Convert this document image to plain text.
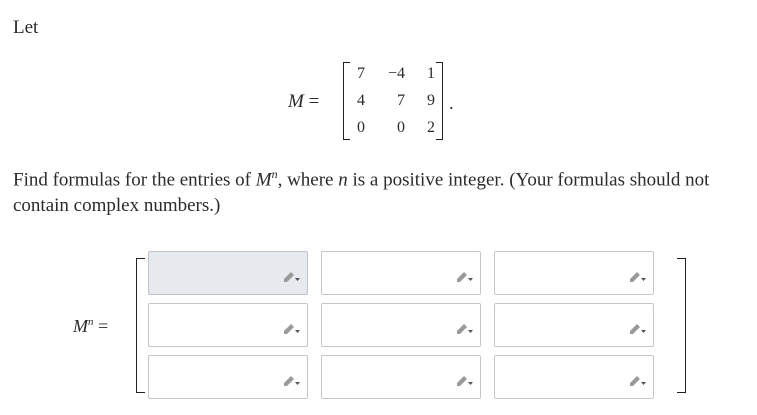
Let
M =
7	−4	1
4	7	9
0	0	2
.
Find formulas for the entries of $M^n$, where n is a positive integer. (Your formulas should not contain complex numbers.)
$M^n$ =
